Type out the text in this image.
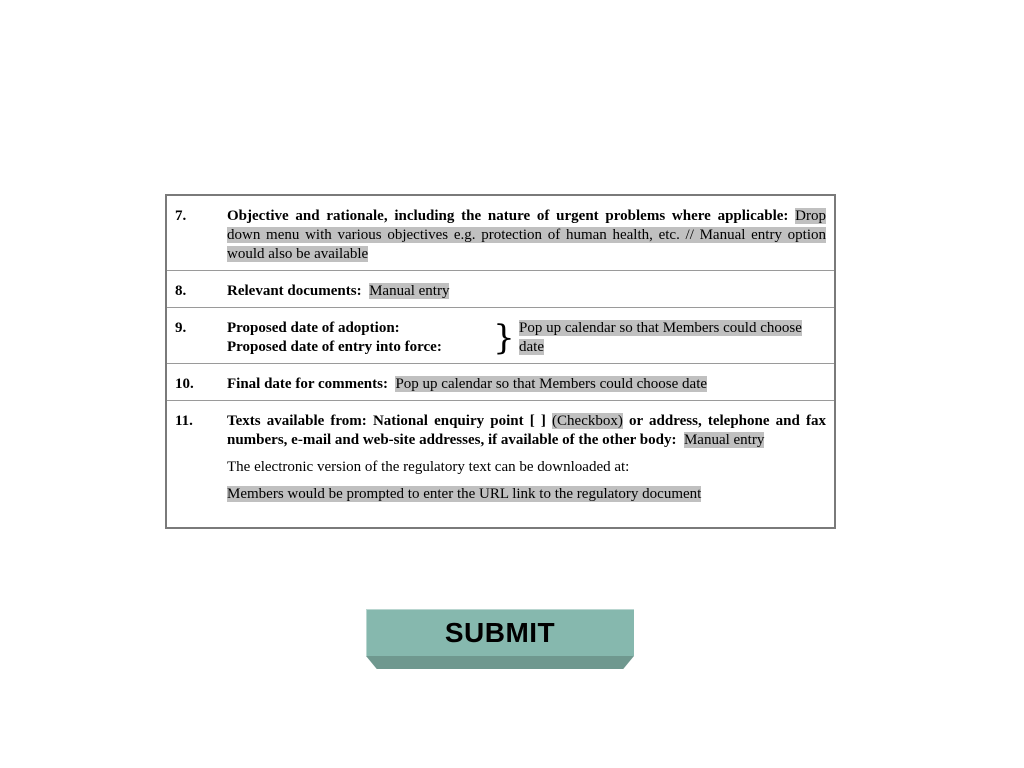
7.	Objective and rationale, including the nature of urgent problems where applicable: Drop down menu with various objectives e.g. protection of human health, etc. // Manual entry option would also be available
8.	Relevant documents: Manual entry
9.	Proposed date of adoption:
Proposed date of entry into force:	} Pop up calendar so that Members could choose date
10.	Final date for comments: Pop up calendar so that Members could choose date
11.	Texts available from: National enquiry point [ ] (Checkbox) or address, telephone and fax numbers, e-mail and web-site addresses, if available of the other body: Manual entry
The electronic version of the regulatory text can be downloaded at:
Members would be prompted to enter the URL link to the regulatory document
SUBMIT
